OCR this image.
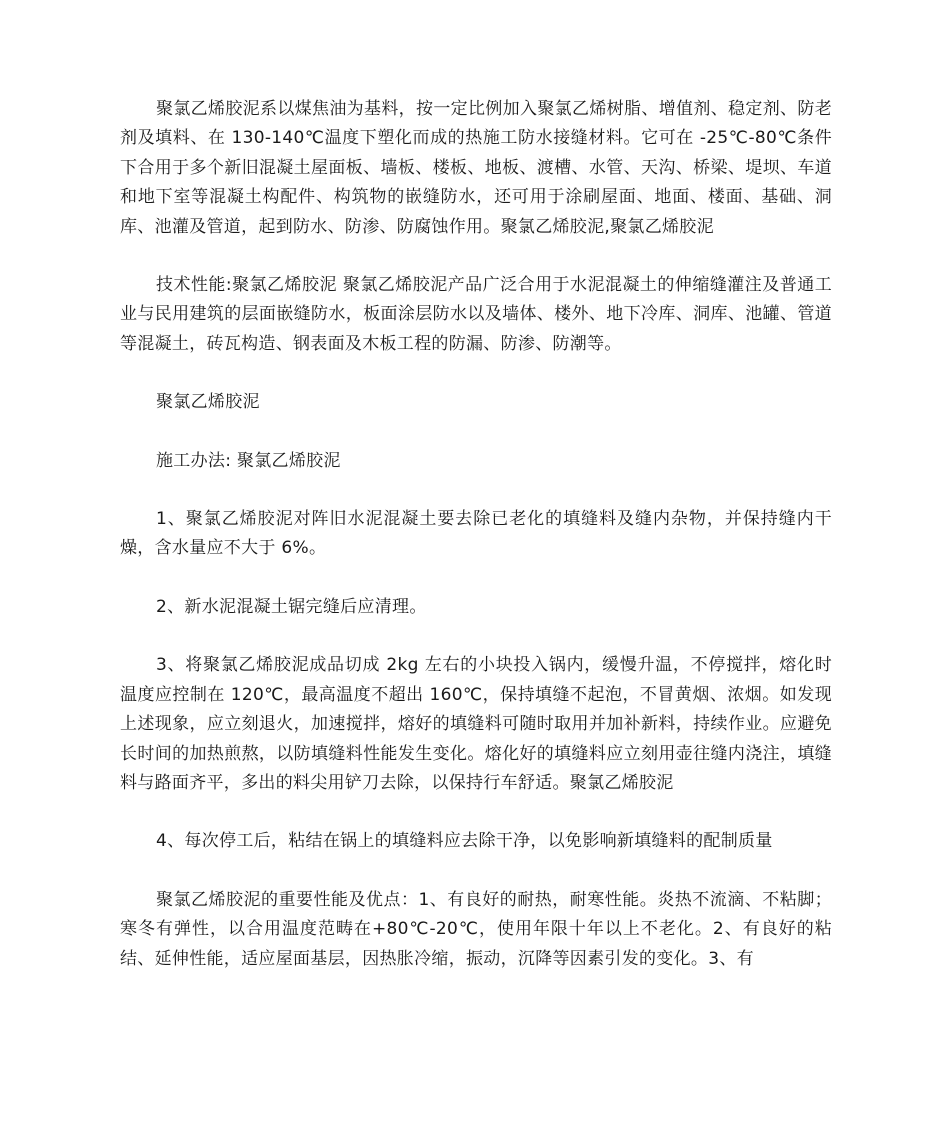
聚氯乙烯胶泥系以煤焦油为基料，按一定比例加入聚氯乙烯树脂、增值剂、稳定剂、防老剂及填料、在 130-140℃温度下塑化而成的热施工防水接缝材料。它可在 -25℃-80℃条件下合用于多个新旧混凝土屋面板、墙板、楼板、地板、渡槽、水管、天沟、桥梁、堤坝、车道和地下室等混凝土构配件、构筑物的嵌缝防水，还可用于涂刷屋面、地面、楼面、基础、洞库、池灌及管道，起到防水、防渗、防腐蚀作用。聚氯乙烯胶泥,聚氯乙烯胶泥

技术性能:聚氯乙烯胶泥 聚氯乙烯胶泥产品广泛合用于水泥混凝土的伸缩缝灌注及普通工业与民用建筑的层面嵌缝防水，板面涂层防水以及墙体、楼外、地下冷库、洞库、池罐、管道等混凝土，砖瓦构造、钢表面及木板工程的防漏、防渗、防潮等。

聚氯乙烯胶泥

施工办法: 聚氯乙烯胶泥

1、聚氯乙烯胶泥对阵旧水泥混凝土要去除已老化的填缝料及缝内杂物，并保持缝内干燥，含水量应不大于 6%。

2、新水泥混凝土锯完缝后应清理。

3、将聚氯乙烯胶泥成品切成 2kg 左右的小块投入锅内，缓慢升温，不停搅拌，熔化时温度应控制在 120℃，最高温度不超出 160℃，保持填缝不起泡，不冒黄烟、浓烟。如发现上述现象，应立刻退火，加速搅拌，熔好的填缝料可随时取用并加补新料，持续作业。应避免长时间的加热煎熬，以防填缝料性能发生变化。熔化好的填缝料应立刻用壶往缝内浇注，填缝料与路面齐平，多出的料尖用铲刀去除，以保持行车舒适。聚氯乙烯胶泥

4、每次停工后，粘结在锅上的填缝料应去除干净，以免影响新填缝料的配制质量

聚氯乙烯胶泥的重要性能及优点：1、有良好的耐热，耐寒性能。炎热不流滴、不粘脚；寒冬有弹性，以合用温度范畴在+80℃-20℃，使用年限十年以上不老化。2、有良好的粘结、延伸性能，适应屋面基层，因热胀冷缩，振动，沉降等因素引发的变化。3、有
